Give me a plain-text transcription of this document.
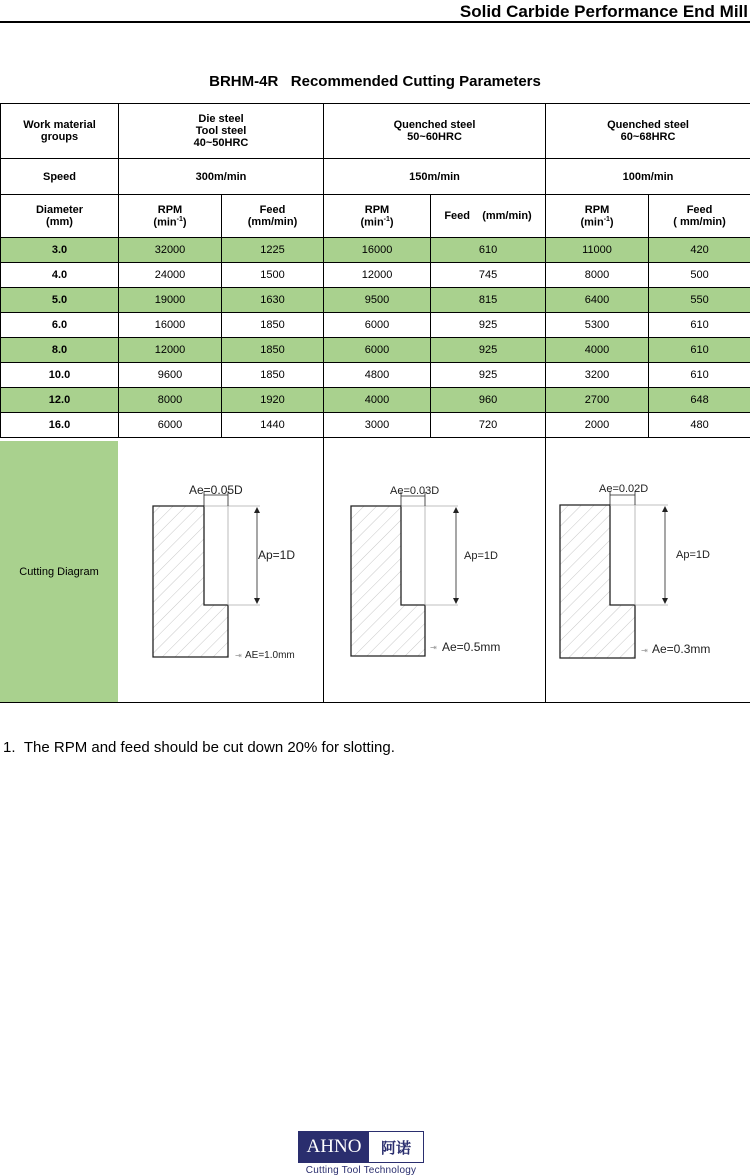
Solid Carbide Performance End Mill
BRHM-4R   Recommended Cutting Parameters
Work material
groups	Die steel
Tool steel
40~50HRC		Quenched steel
50~60HRC		Quenched steel
60~68HRC	
Speed	300m/min		150m/min		100m/min	
Diameter
(mm)	RPM
$(\min^{-1})$	Feed
(mm/min)	RPM
$(\min^{-1})$	Feed    (mm/min)	RPM
$(\min^{-1})$	Feed
( mm/min)
3.0	32000	1225	16000	610	11000	420
4.0	24000	1500	12000	745	8000	500
5.0	19000	1630	9500	815	6400	550
6.0	16000	1850	6000	925	5300	610
8.0	12000	1850	6000	925	4000	610
10.0	9600	1850	4800	925	3200	610
12.0	8000	1920	4000	960	2700	648
16.0	6000	1440	3000	720	2000	480
Cutting Diagram
Ae=0.05D
Ap=1D
⇥ AE=1.0mm
Ae=0.03D
Ap=1D
⇥ Ae=0.5mm
Ae=0.02D
Ap=1D
⇥ Ae=0.3mm
1.  The RPM and feed should be cut down 20% for slotting.
AHNO	阿诺
Cutting Tool Technology
